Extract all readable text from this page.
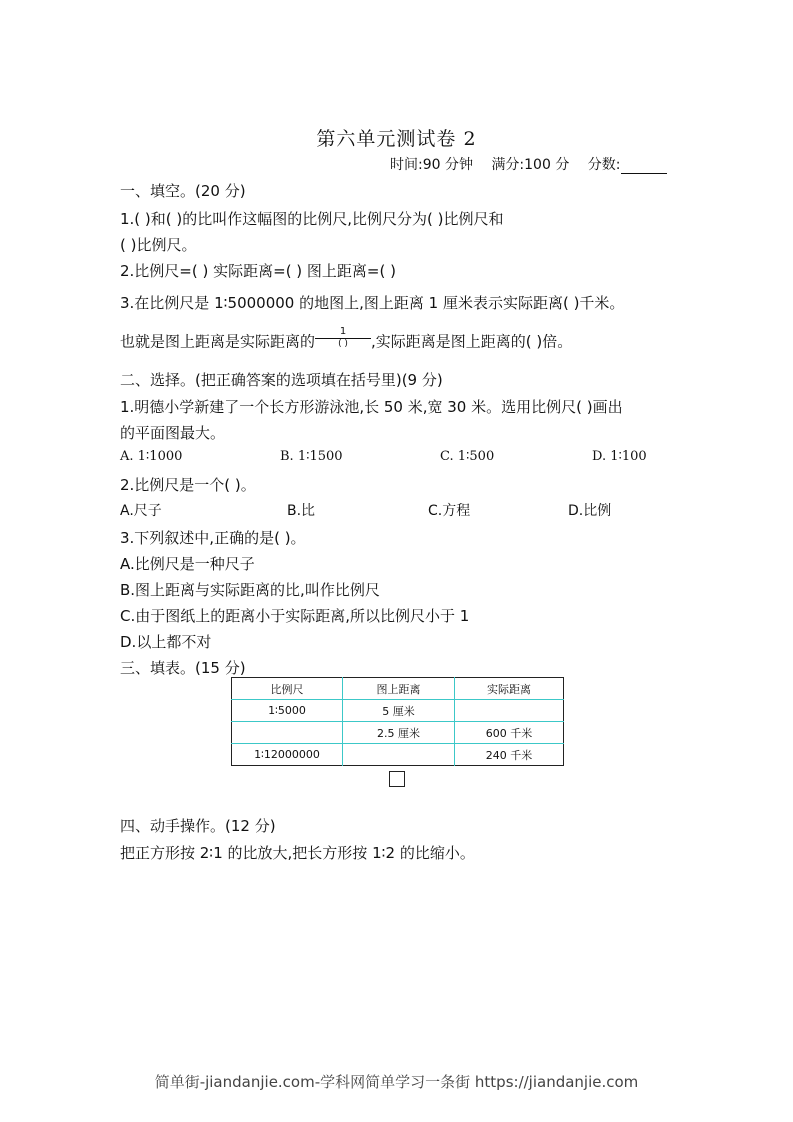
第六单元测试卷 2
时间:90 分钟 满分:100 分 分数:
一、填空。(20 分)
1.( )和( )的比叫作这幅图的比例尺,比例尺分为( )比例尺和
( )比例尺。
2.比例尺=( ) 实际距离=( ) 图上距离=( )
3.在比例尺是 1∶5000000 的地图上,图上距离 1 厘米表示实际距离( )千米。
也就是图上距离是实际距离的 $\frac{1}{( )}$ ,实际距离是图上距离的( )倍。
二、选择。(把正确答案的选项填在括号里)(9 分)
1.明德小学新建了一个长方形游泳池,长 50 米,宽 30 米。选用比例尺( )画出
的平面图最大。
A. 1∶1000	B. 1∶1500	C. 1∶500	D. 1∶100
2.比例尺是一个( )。
A.尺子	B.比	C.方程	D.比例
3.下列叙述中,正确的是( )。
A.比例尺是一种尺子
B.图上距离与实际距离的比,叫作比例尺
C.由于图纸上的距离小于实际距离,所以比例尺小于 1
D.以上都不对
三、填表。(15 分)
比例尺	图上距离	实际距离
1∶5000	5 厘米	
	2.5 厘米	600 千米
1∶12000000		240 千米
四、动手操作。(12 分)
把正方形按 2∶1 的比放大,把长方形按 1∶2 的比缩小。
简单街-jiandanjie.com-学科网简单学习一条街 https://jiandanjie.com
